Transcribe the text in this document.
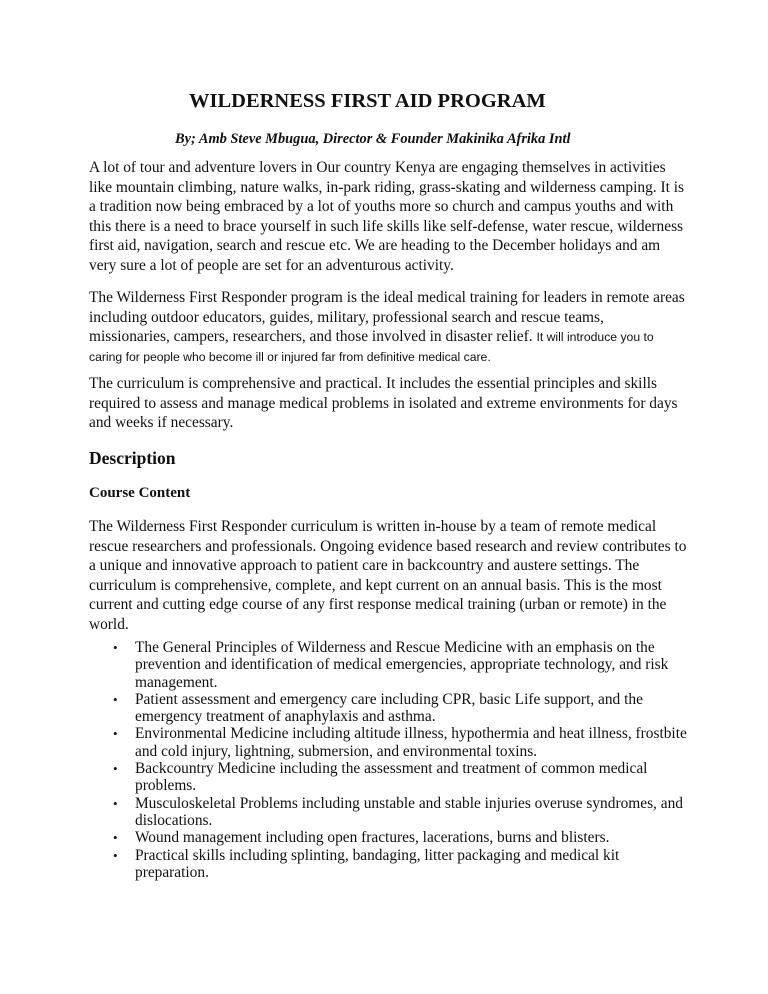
WILDERNESS FIRST AID PROGRAM
By; Amb Steve Mbugua, Director & Founder Makinika Afrika Intl
A lot of tour and adventure lovers in Our country Kenya are engaging themselves in activities
like mountain climbing, nature walks, in-park riding, grass-skating and wilderness camping. It is
a tradition now being embraced by a lot of youths more so church and campus youths and with
this there is a need to brace yourself in such life skills like self-defense, water rescue, wilderness
first aid, navigation, search and rescue etc. We are heading to the December holidays and am
very sure a lot of people are set for an adventurous activity.
The Wilderness First Responder program is the ideal medical training for leaders in remote areas
including outdoor educators, guides, military, professional search and rescue teams,
missionaries, campers, researchers, and those involved in disaster relief. It will introduce you to
caring for people who become ill or injured far from definitive medical care.
The curriculum is comprehensive and practical. It includes the essential principles and skills
required to assess and manage medical problems in isolated and extreme environments for days
and weeks if necessary.
Description
Course Content
The Wilderness First Responder curriculum is written in-house by a team of remote medical
rescue researchers and professionals. Ongoing evidence based research and review contributes to
a unique and innovative approach to patient care in backcountry and austere settings. The
curriculum is comprehensive, complete, and kept current on an annual basis. This is the most
current and cutting edge course of any first response medical training (urban or remote) in the
world.
• The General Principles of Wilderness and Rescue Medicine with an emphasis on the
prevention and identification of medical emergencies, appropriate technology, and risk
management.
• Patient assessment and emergency care including CPR, basic Life support, and the
emergency treatment of anaphylaxis and asthma.
• Environmental Medicine including altitude illness, hypothermia and heat illness, frostbite
and cold injury, lightning, submersion, and environmental toxins.
• Backcountry Medicine including the assessment and treatment of common medical
problems.
• Musculoskeletal Problems including unstable and stable injuries overuse syndromes, and
dislocations.
• Wound management including open fractures, lacerations, burns and blisters.
• Practical skills including splinting, bandaging, litter packaging and medical kit
preparation.
